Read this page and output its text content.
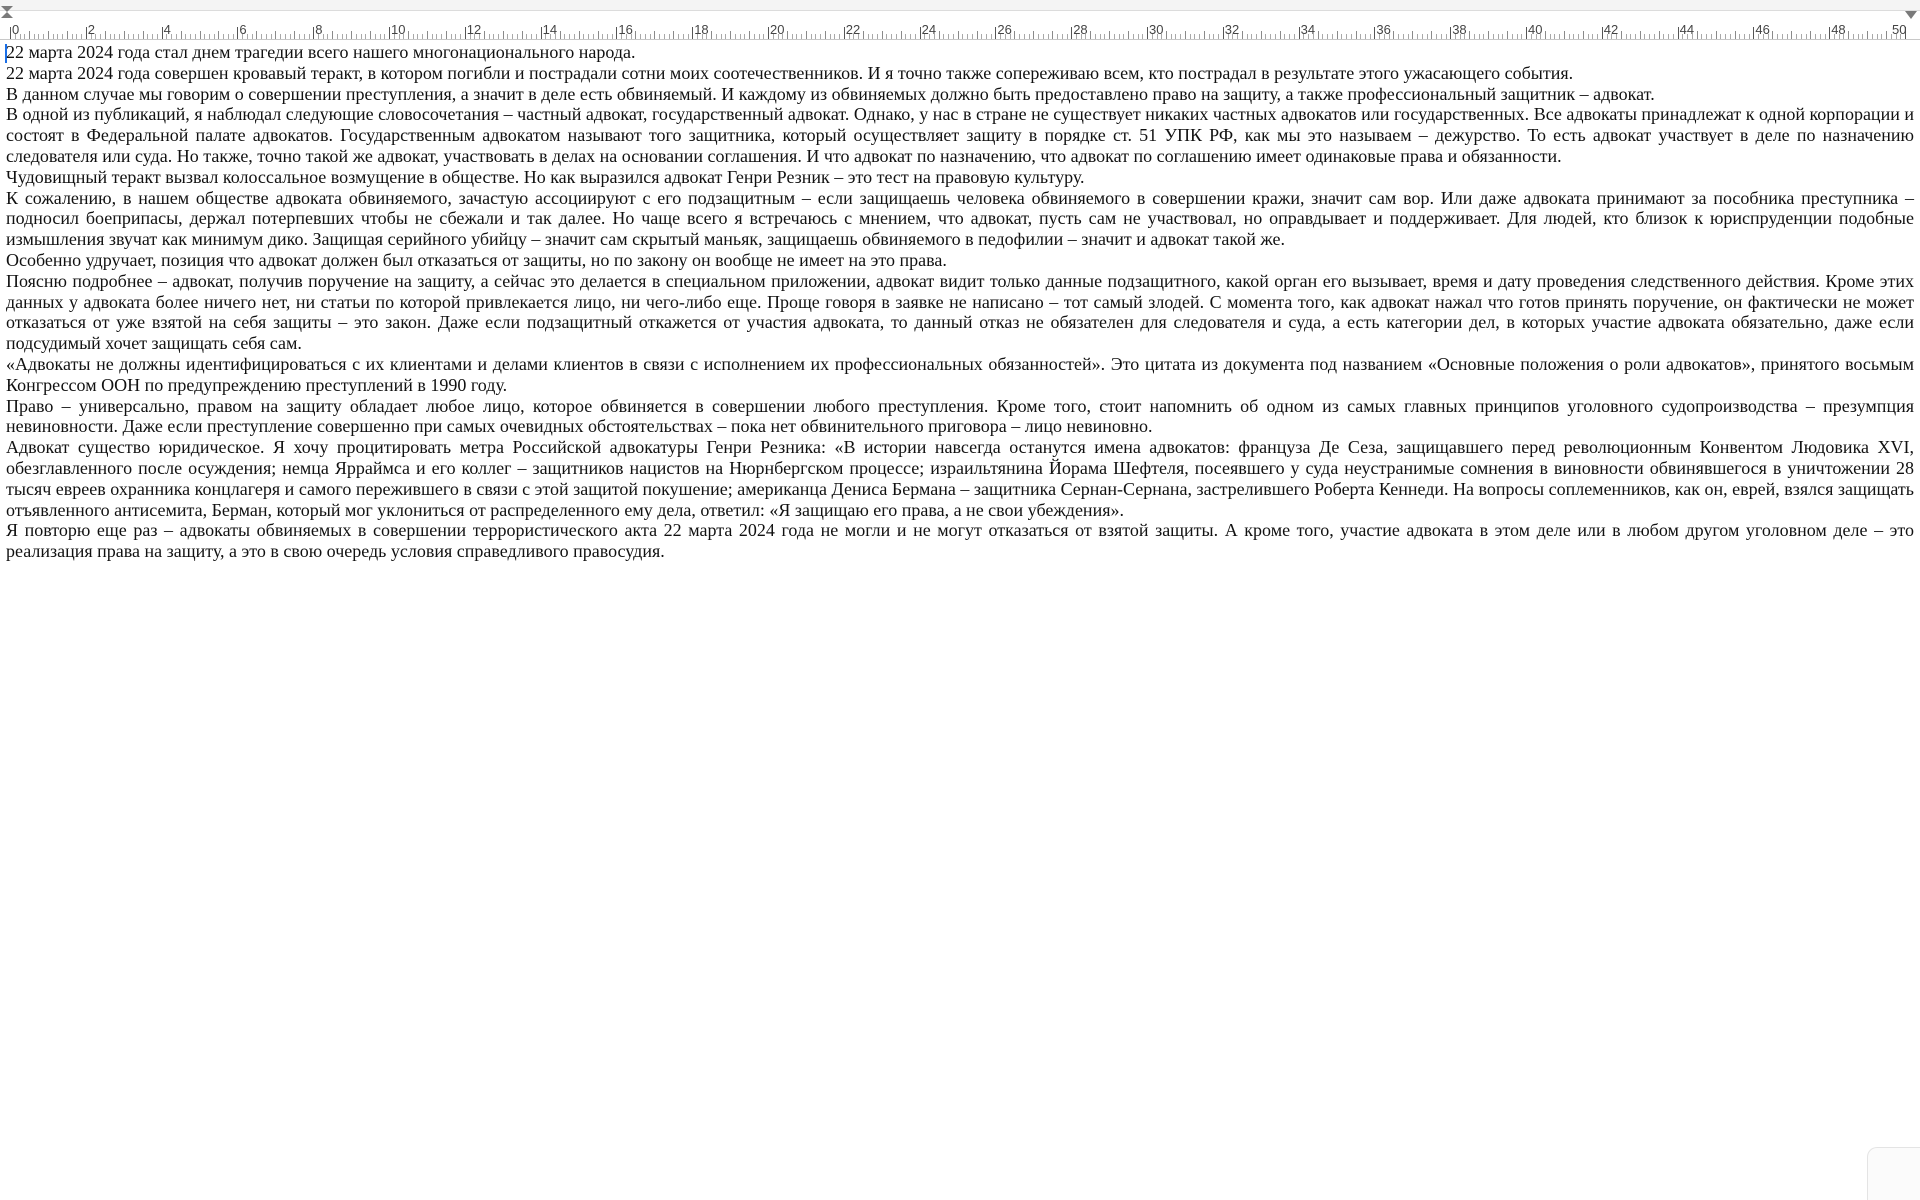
0	2	4	6	8	10	12	14	16	18	20	22	24	26	28	30	32	34	36	38	40	42	44	46	48	50

22 марта 2024 года стал днем трагедии всего нашего многонационального народа.

22 марта 2024 года совершен кровавый теракт, в котором погибли и пострадали сотни моих соотечественников. И я точно также сопереживаю всем, кто пострадал в результате этого ужасающего события.

В данном случае мы говорим о совершении преступления, а значит в деле есть обвиняемый. И каждому из обвиняемых должно быть предоставлено право на защиту, а также профессиональный защитник – адвокат.

В одной из публикаций, я наблюдал следующие словосочетания – частный адвокат, государственный адвокат. Однако, у нас в стране не существует никаких частных адвокатов или государственных. Все адвокаты принадлежат к одной корпорации и состоят в Федеральной палате адвокатов. Государственным адвокатом называют того защитника, который осуществляет защиту в порядке ст. 51 УПК РФ, как мы это называем – дежурство. То есть адвокат участвует в деле по назначению следователя или суда. Но также, точно такой же адвокат, участвовать в делах на основании соглашения. И что адвокат по назначению, что адвокат по соглашению имеет одинаковые права и обязанности.

Чудовищный теракт вызвал колоссальное возмущение в обществе. Но как выразился адвокат Генри Резник – это тест на правовую культуру.

К сожалению, в нашем обществе адвоката обвиняемого, зачастую ассоциируют с его подзащитным – если защищаешь человека обвиняемого в совершении кражи, значит сам вор. Или даже адвоката принимают за пособника преступника – подносил боеприпасы, держал потерпевших чтобы не сбежали и так далее. Но чаще всего я встречаюсь с мнением, что адвокат, пусть сам не участвовал, но оправдывает и поддерживает. Для людей, кто близок к юриспруденции подобные измышления звучат как минимум дико. Защищая серийного убийцу – значит сам скрытый маньяк, защищаешь обвиняемого в педофилии – значит и адвокат такой же.

Особенно удручает, позиция что адвокат должен был отказаться от защиты, но по закону он вообще не имеет на это права.

Поясню подробнее – адвокат, получив поручение на защиту, а сейчас это делается в специальном приложении, адвокат видит только данные подзащитного, какой орган его вызывает, время и дату проведения следственного действия. Кроме этих данных у адвоката более ничего нет, ни статьи по которой привлекается лицо, ни чего-либо еще. Проще говоря в заявке не написано – тот самый злодей. С момента того, как адвокат нажал что готов принять поручение, он фактически не может отказаться от уже взятой на себя защиты – это закон. Даже если подзащитный откажется от участия адвоката, то данный отказ не обязателен для следователя и суда, а есть категории дел, в которых участие адвоката обязательно, даже если подсудимый хочет защищать себя сам.

«Адвокаты не должны идентифицироваться с их клиентами и делами клиентов в связи с исполнением их профессиональных обязанностей». Это цитата из документа под названием «Основные положения о роли адвокатов», принятого восьмым Конгрессом ООН по предупреждению преступлений в 1990 году.

Право – универсально, правом на защиту обладает любое лицо, которое обвиняется в совершении любого преступления. Кроме того, стоит напомнить об одном из самых главных принципов уголовного судопроизводства – презумпция невиновности. Даже если преступление совершенно при самых очевидных обстоятельствах – пока нет обвинительного приговора – лицо невиновно.

Адвокат существо юридическое. Я хочу процитировать метра Российской адвокатуры Генри Резника: «В истории навсегда останутся имена адвокатов: француза Де Сеза, защищавшего перед революционным Конвентом Людовика XVI, обезглавленного после осуждения; немца Ярраймса и его коллег – защитников нацистов на Нюрнбергском процессе; израильтянина Йорама Шефтеля, посеявшего у суда неустранимые сомнения в виновности обвинявшегося в уничтожении 28 тысяч евреев охранника концлагеря и самого пережившего в связи с этой защитой покушение; американца Дениса Бермана – защитника Сернан-Сернана, застрелившего Роберта Кеннеди. На вопросы соплеменников, как он, еврей, взялся защищать отъявленного антисемита, Берман, который мог уклониться от распределенного ему дела, ответил: «Я защищаю его права, а не свои убеждения».

Я повторю еще раз – адвокаты обвиняемых в совершении террористического акта 22 марта 2024 года не могли и не могут отказаться от взятой защиты. А кроме того, участие адвоката в этом деле или в любом другом уголовном деле – это реализация права на защиту, а это в свою очередь условия справедливого правосудия.
